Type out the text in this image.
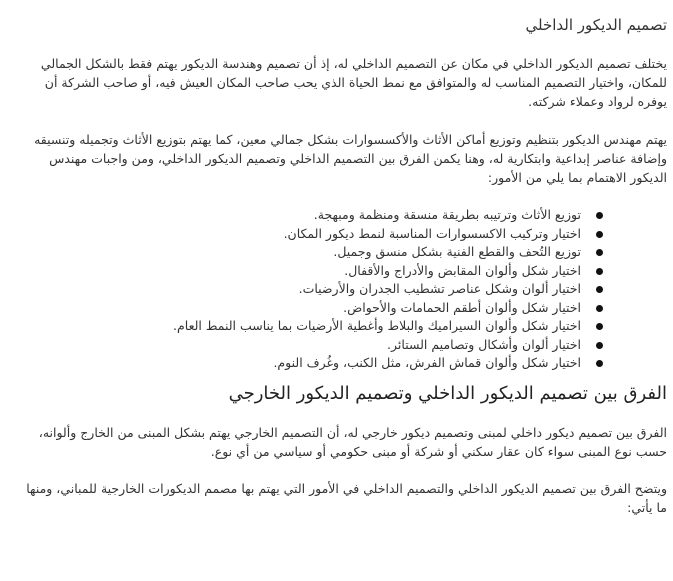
تصميم الديكور الداخلي

يختلف تصميم الديكور الداخلي في مكان عن التصميم الداخلي له، إذ أن تصميم وهندسة الديكور يهتم فقط بالشكل الجمالي للمكان، واختيار التصميم المناسب له والمتوافق مع نمط الحياة الذي يحب صاحب المكان العيش فيه، أو صاحب الشركة أن يوفره لرواد وعملاء شركته.

يهتم مهندس الديكور بتنظيم وتوزيع أماكن الأثاث والأكسسوارات بشكل جمالي معين، كما يهتم بتوزيع الأثاث وتجميله وتنسيقه وإضافة عناصر إبداعية وابتكارية له، وهنا يكمن الفرق بين التصميم الداخلي وتصميم الديكور الداخلي، ومن واجبات مهندس الديكور الاهتمام بما يلي من الأمور:

توزيع الأثاث وترتيبه بطريقة منسقة ومنظمة ومبهجة.
اختيار وتركيب الاكسسوارات المناسبة لنمط ديكور المكان.
توزيع التُحف والقطع الفنية بشكل منسق وجميل.
اختيار شكل وألوان المقابض والأدراج والأقفال.
اختيار ألوان وشكل عناصر تشطيب الجدران والأرضيات.
اختيار شكل وألوان أطقم الحمامات والأحواض.
اختيار شكل وألوان السيراميك والبلاط وأغطية الأرضيات بما يناسب النمط العام.
اختيار ألوان وأشكال وتصاميم الستائر.
اختيار شكل وألوان قماش الفرش، مثل الكنب، وغُرف النوم.
الفرق بين تصميم الديكور الداخلي وتصميم الديكور الخارجي

الفرق بين تصميم ديكور داخلي لمبنى وتصميم ديكور خارجي له، أن التصميم الخارجي يهتم بشكل المبنى من الخارج وألوانه، حسب نوع المبنى سواء كان عقار سكني أو شركة أو مبنى حكومي أو سياسي من أي نوع.

ويتضح الفرق بين تصميم الديكور الداخلي والتصميم الداخلي في الأمور التي يهتم بها مصمم الديكورات الخارجية للمباني، ومنها ما يأتي:
